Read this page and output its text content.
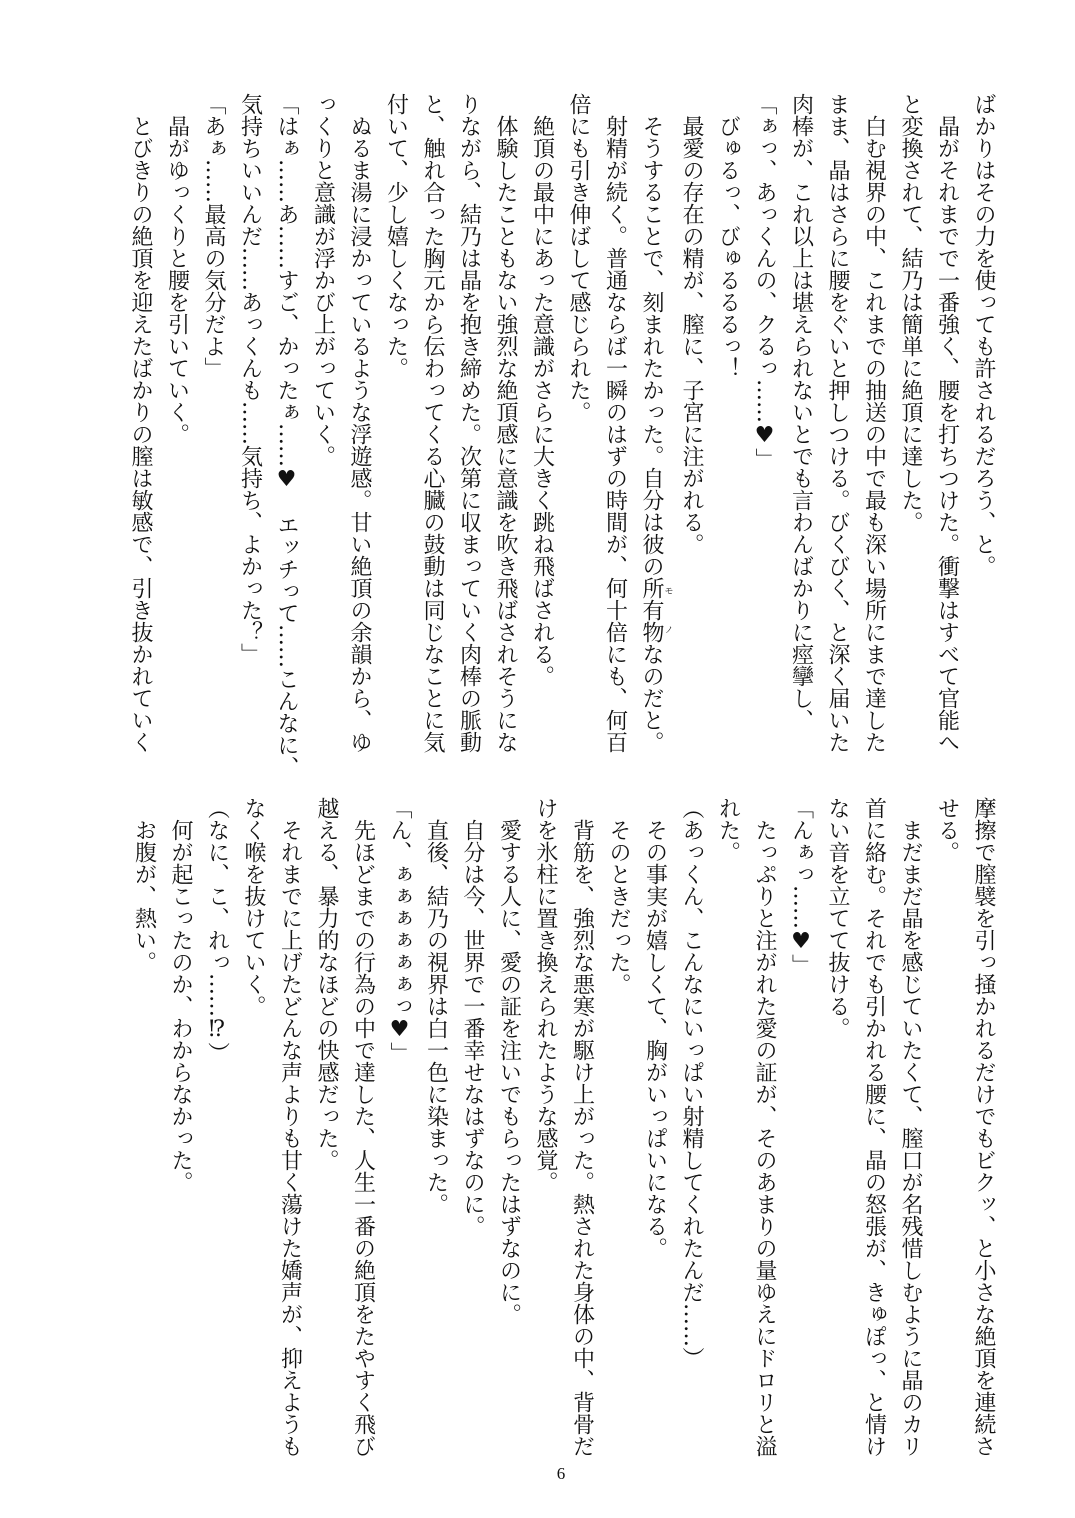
ばかりはその力を使っても許されるだろう、と。

　晶がそれまでで一番強く、腰を打ちつけた。衝撃はすべて官能へ

と変換されて、結乃は簡単に絶頂に達した。

　白む視界の中、これまでの抽送の中で最も深い場所にまで達した

まま、晶はさらに腰をぐいと押しつける。びくびく、と深く届いた

肉棒が、これ以上は堪えられないとでも言わんばかりに痙攣し、

「ぁっ、あっくんの、クるっ……♥」

　びゅるっ、びゅるるるっ！

　最愛の存在の精が、膣に、子宮に注がれる。

　そうすることで、刻まれたかった。自分は彼の所有物モノなのだと。

　射精が続く。普通ならば一瞬のはずの時間が、何十倍にも、何百

倍にも引き伸ばして感じられた。

　絶頂の最中にあった意識がさらに大きく跳ね飛ばされる。

　体験したこともない強烈な絶頂感に意識を吹き飛ばされそうにな

りながら、結乃は晶を抱き締めた。次第に収まっていく肉棒の脈動

と、触れ合った胸元から伝わってくる心臓の鼓動は同じなことに気

付いて、少し嬉しくなった。

　ぬるま湯に浸かっているような浮遊感。甘い絶頂の余韻から、ゆ

っくりと意識が浮かび上がっていく。

「はぁ……あ……すご、かったぁ……♥　エッチって……こんなに、

気持ちいいんだ……あっくんも……気持ち、よかった？」

「あぁ……最高の気分だよ」

　晶がゆっくりと腰を引いていく。

　とびきりの絶頂を迎えたばかりの膣は敏感で、引き抜かれていく

摩擦で膣襞を引っ掻かれるだけでもビクッ、と小さな絶頂を連続さ

せる。

　まだまだ晶を感じていたくて、膣口が名残惜しむように晶のカリ

首に絡む。それでも引かれる腰に、晶の怒張が、きゅぽっ、と情け

ない音を立てて抜ける。

「んぁっ……♥」

　たっぷりと注がれた愛の証が、そのあまりの量ゆえにドロリと溢

れた。

（あっくん、こんなにいっぱい射精してくれたんだ……）

　その事実が嬉しくて、胸がいっぱいになる。

　そのときだった。

　背筋を、強烈な悪寒が駆け上がった。熱された身体の中、背骨だ

けを氷柱に置き換えられたような感覚。

　愛する人に、愛の証を注いでもらったはずなのに。

　自分は今、世界で一番幸せなはずなのに。

　直後、結乃の視界は白一色に染まった。

「ん、ぁぁぁぁぁぁっ♥」

　先ほどまでの行為の中で達した、人生一番の絶頂をたやすく飛び

越える、暴力的なほどの快感だった。

　それまでに上げたどんな声よりも甘く蕩けた嬌声が、抑えようも

なく喉を抜けていく。

（なに、こ、れっ……⁉）

　何が起こったのか、わからなかった。

　お腹が、熱い。

6
